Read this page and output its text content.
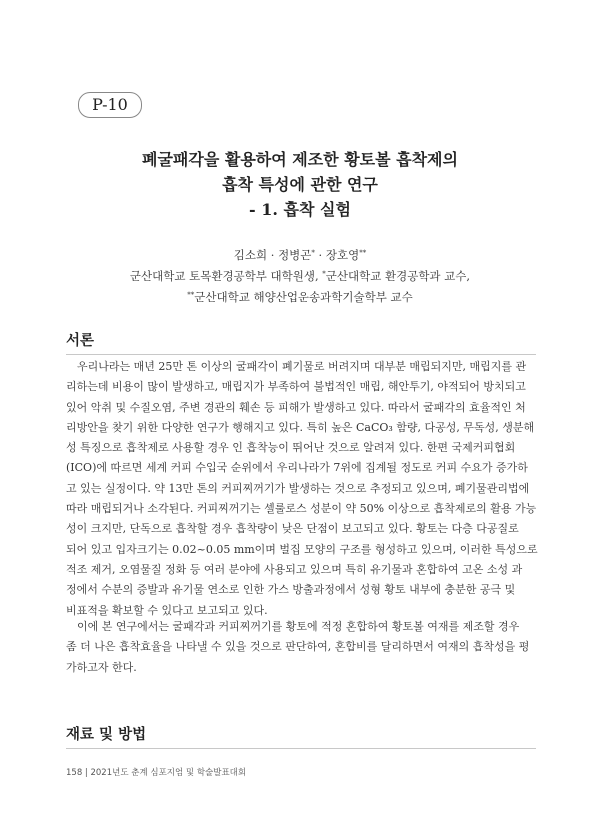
P-10
폐굴패각을 활용하여 제조한 황토볼 흡착제의
흡착 특성에 관한 연구
- 1. 흡착 실험
김소희 · 정병곤* · 장호영**
군산대학교 토목환경공학부 대학원생, *군산대학교 환경공학과 교수,
**군산대학교 해양산업운송과학기술학부 교수
서론
우리나라는 매년 25만 톤 이상의 굴패각이 폐기물로 버려지며 대부분 매립되지만, 매립지를 관
리하는데 비용이 많이 발생하고, 매립지가 부족하여 불법적인 매립, 해안투기, 야적되어 방치되고
있어 악취 및 수질오염, 주변 경관의 훼손 등 피해가 발생하고 있다. 따라서 굴패각의 효율적인 처
리방안을 찾기 위한 다양한 연구가 행해지고 있다. 특히 높은 CaCO₃ 함량, 다공성, 무독성, 생분해
성 특징으로 흡착제로 사용할 경우 인 흡착능이 뛰어난 것으로 알려져 있다. 한편 국제커피협회
(ICO)에 따르면 세계 커피 수입국 순위에서 우리나라가 7위에 집계될 정도로 커피 수요가 증가하
고 있는 실정이다. 약 13만 톤의 커피찌꺼기가 발생하는 것으로 추정되고 있으며, 폐기물관리법에
따라 매립되거나 소각된다. 커피찌꺼기는 셀룰로스 성분이 약 50% 이상으로 흡착제로의 활용 가능
성이 크지만, 단독으로 흡착할 경우 흡착량이 낮은 단점이 보고되고 있다. 황토는 다층 다공질로
되어 있고 입자크기는 0.02~0.05 mm이며 벌집 모양의 구조를 형성하고 있으며, 이러한 특성으로
적조 제거, 오염물질 정화 등 여러 분야에 사용되고 있으며 특히 유기물과 혼합하여 고온 소성 과
정에서 수분의 증발과 유기물 연소로 인한 가스 방출과정에서 성형 황토 내부에 충분한 공극 및
비표적을 확보할 수 있다고 보고되고 있다.
이에 본 연구에서는 굴패각과 커피찌꺼기를 황토에 적정 혼합하여 황토볼 여재를 제조할 경우
좀 더 나은 흡착효율을 나타낼 수 있을 것으로 판단하여, 혼합비를 달리하면서 여재의 흡착성을 평
가하고자 한다.
재료 및 방법
158 | 2021년도 춘계 심포지엄 및 학술발표대회
